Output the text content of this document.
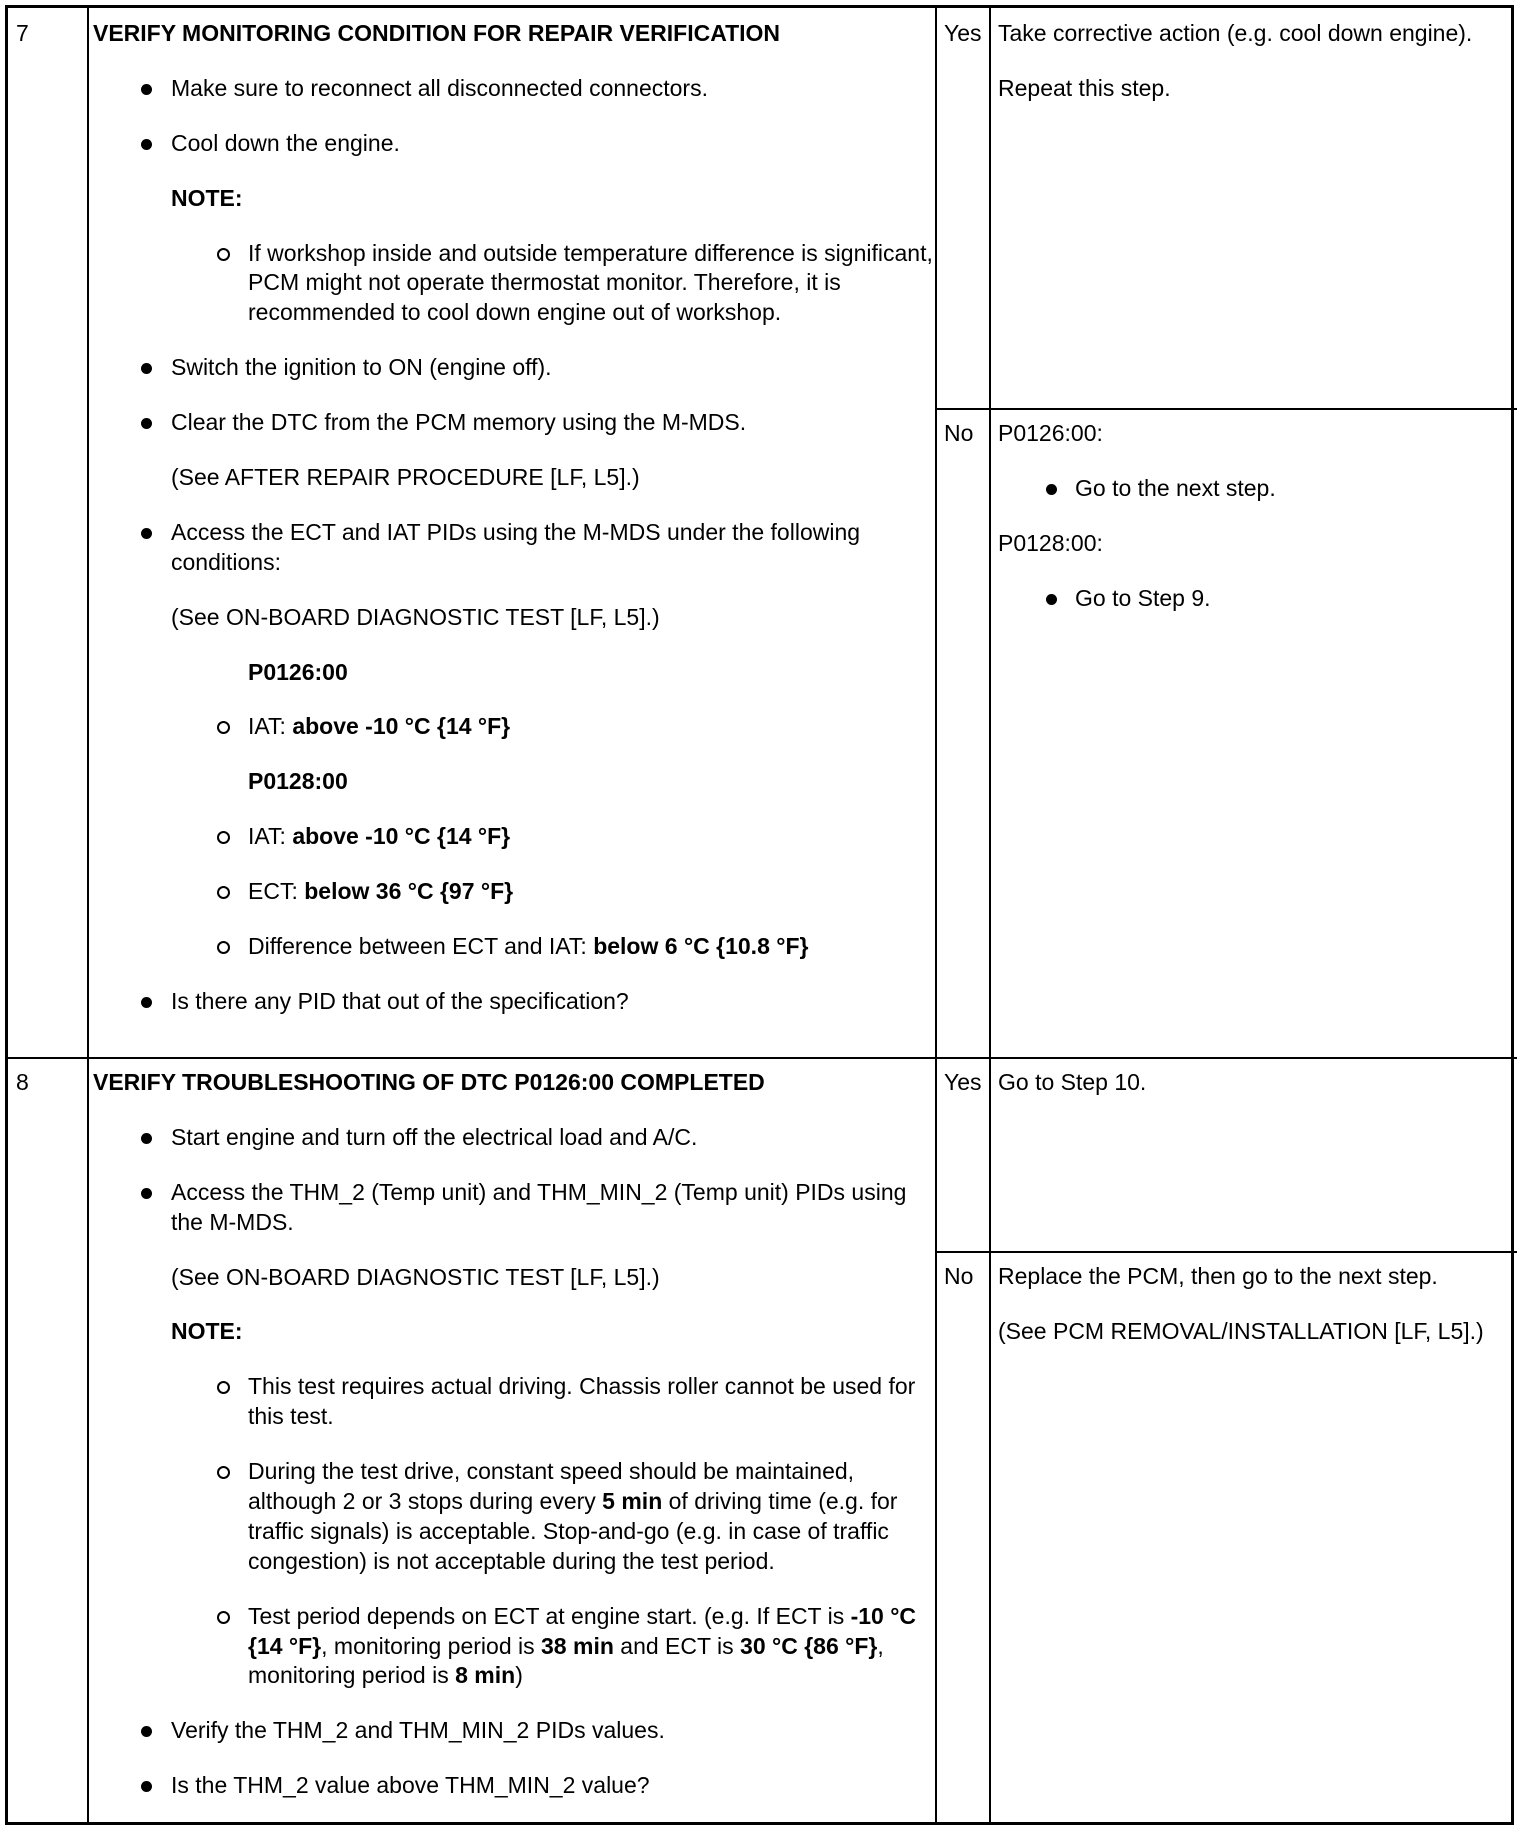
7	VERIFY MONITORING CONDITION FOR REPAIR VERIFICATION
Make sure to reconnect all disconnected connectors.
Cool down the engine.
NOTE:
If workshop inside and outside temperature difference is significant, PCM might not operate thermostat monitor. Therefore, it is recommended to cool down engine out of workshop.
Switch the ignition to ON (engine off).
Clear the DTC from the PCM memory using the M-MDS.
(See AFTER REPAIR PROCEDURE [LF, L5].)
Access the ECT and IAT PIDs using the M-MDS under the following conditions:
(See ON-BOARD DIAGNOSTIC TEST [LF, L5].)
P0126:00
IAT: above -10 °C {14 °F}
P0128:00
IAT: above -10 °C {14 °F}
ECT: below 36 °C {97 °F}
Difference between ECT and IAT: below 6 °C {10.8 °F}
Is there any PID that out of the specification?
Yes Take corrective action (e.g. cool down engine).
Repeat this step.
No P0126:00:
Go to the next step.
P0128:00:
Go to Step 9.
8	VERIFY TROUBLESHOOTING OF DTC P0126:00 COMPLETED
Start engine and turn off the electrical load and A/C.
Access the THM_2 (Temp unit) and THM_MIN_2 (Temp unit) PIDs using the M-MDS.
(See ON-BOARD DIAGNOSTIC TEST [LF, L5].)
NOTE:
This test requires actual driving. Chassis roller cannot be used for this test.
During the test drive, constant speed should be maintained, although 2 or 3 stops during every 5 min of driving time (e.g. for traffic signals) is acceptable. Stop-and-go (e.g. in case of traffic congestion) is not acceptable during the test period.
Test period depends on ECT at engine start. (e.g. If ECT is -10 °C {14 °F}, monitoring period is 38 min and ECT is 30 °C {86 °F}, monitoring period is 8 min)
Verify the THM_2 and THM_MIN_2 PIDs values.
Is the THM_2 value above THM_MIN_2 value?
Yes Go to Step 10.
No Replace the PCM, then go to the next step.
(See PCM REMOVAL/INSTALLATION [LF, L5].)
